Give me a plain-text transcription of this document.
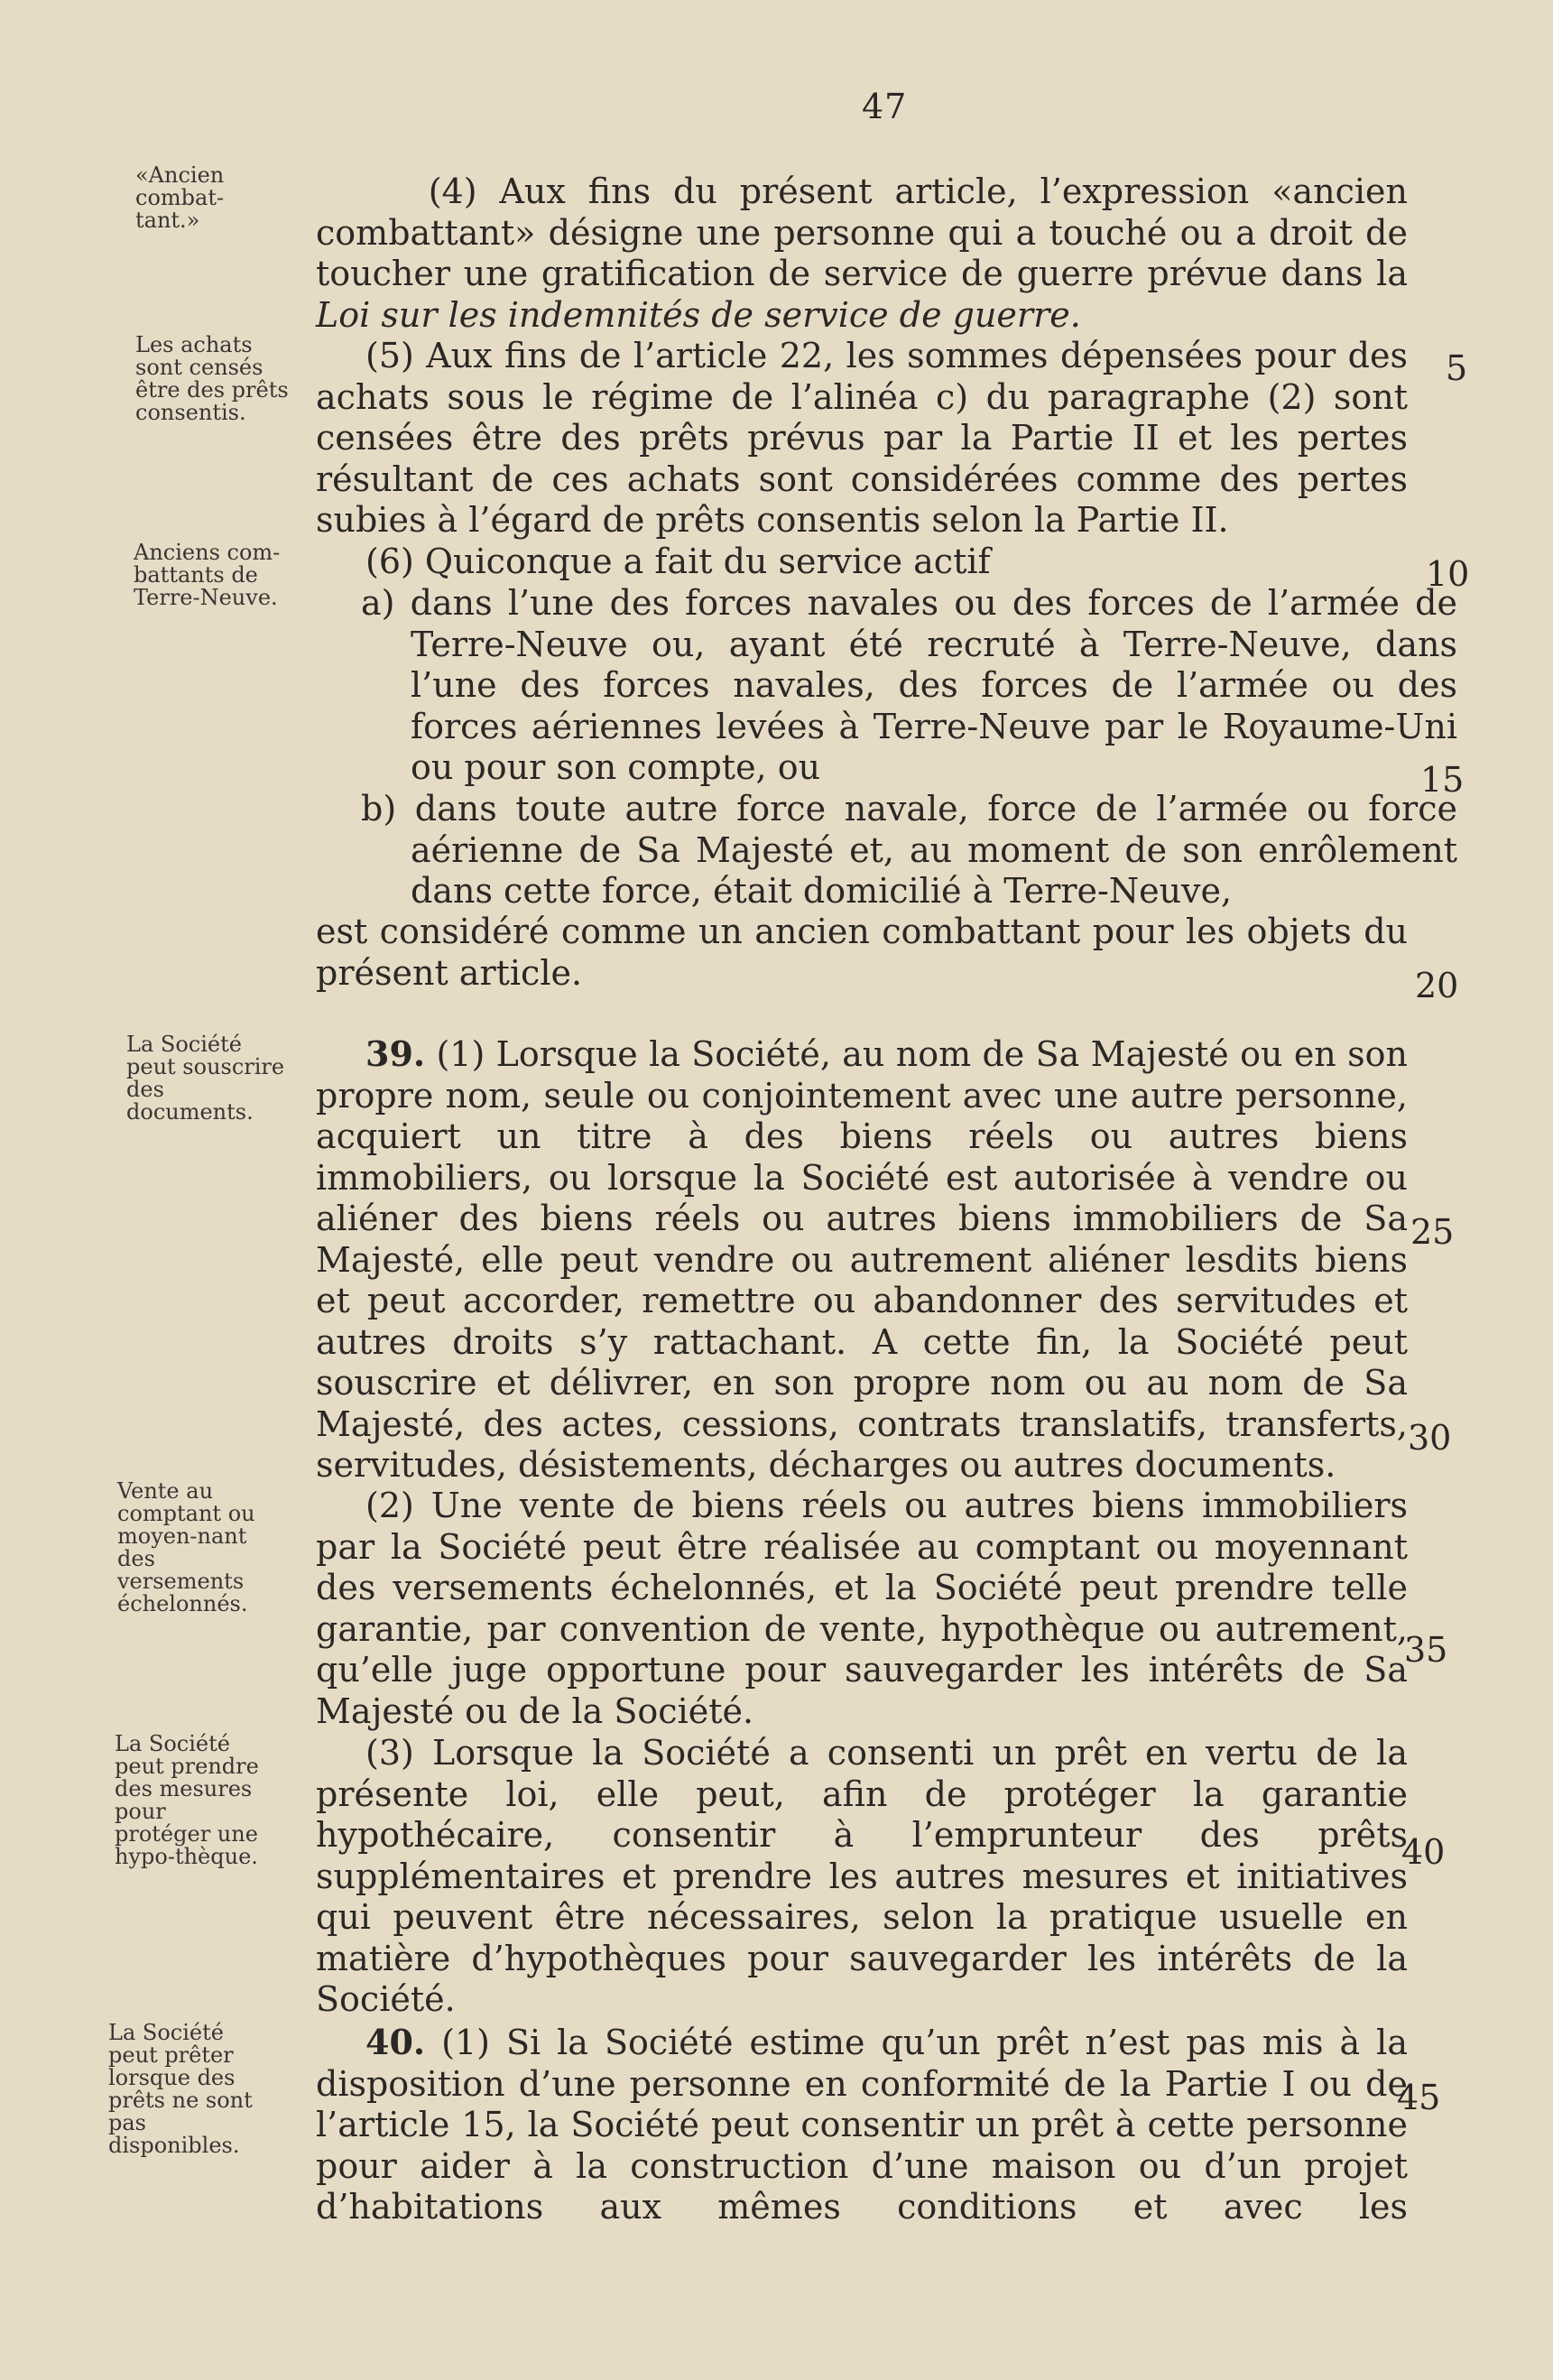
47
«Ancien combat-tant.»
Les achats sont censés être des prêts consentis.
Anciens com-battants de Terre-Neuve.
La Société peut souscrire des documents.
Vente au comptant ou moyen-nant des versements échelonnés.
La Société peut prendre des mesures pour protéger une hypo-thèque.
La Société peut prêter lorsque des prêts ne sont pas disponibles.
(4) Aux fins du présent article, l’expression «ancien combattant» désigne une personne qui a touché ou a droit de toucher une gratification de service de guerre prévue dans la Loi sur les indemnités de service de guerre.
(5) Aux fins de l’article 22, les sommes dépensées pour des achats sous le régime de l’alinéa c) du paragraphe (2) sont censées être des prêts prévus par la Partie II et les pertes résultant de ces achats sont considérées comme des pertes subies à l’égard de prêts consentis selon la Partie II.
(6) Quiconque a fait du service actif
a) dans l’une des forces navales ou des forces de l’armée de Terre-Neuve ou, ayant été recruté à Terre-Neuve, dans l’une des forces navales, des forces de l’armée ou des forces aériennes levées à Terre-Neuve par le Royaume-Uni ou pour son compte, ou
b) dans toute autre force navale, force de l’armée ou force aérienne de Sa Majesté et, au moment de son enrôlement dans cette force, était domicilié à Terre-Neuve,
est considéré comme un ancien combattant pour les objets du présent article.
39. (1) Lorsque la Société, au nom de Sa Majesté ou en son propre nom, seule ou conjointement avec une autre personne, acquiert un titre à des biens réels ou autres biens immobiliers, ou lorsque la Société est autorisée à vendre ou aliéner des biens réels ou autres biens immobiliers de Sa Majesté, elle peut vendre ou autrement aliéner lesdits biens et peut accorder, remettre ou abandonner des servitudes et autres droits s’y rattachant. A cette fin, la Société peut souscrire et délivrer, en son propre nom ou au nom de Sa Majesté, des actes, cessions, contrats translatifs, transferts, servitudes, désistements, décharges ou autres documents.
(2) Une vente de biens réels ou autres biens immobiliers par la Société peut être réalisée au comptant ou moyennant des versements échelonnés, et la Société peut prendre telle garantie, par convention de vente, hypothèque ou autrement, qu’elle juge opportune pour sauvegarder les intérêts de Sa Majesté ou de la Société.
(3) Lorsque la Société a consenti un prêt en vertu de la présente loi, elle peut, afin de protéger la garantie hypothécaire, consentir à l’emprunteur des prêts supplémentaires et prendre les autres mesures et initiatives qui peuvent être nécessaires, selon la pratique usuelle en matière d’hypothèques pour sauvegarder les intérêts de la Société.
40. (1) Si la Société estime qu’un prêt n’est pas mis à la disposition d’une personne en conformité de la Partie I ou de l’article 15, la Société peut consentir un prêt à cette personne pour aider à la construction d’une maison ou d’un projet d’habitations aux mêmes conditions et avec les
5
10
15
20
25
30
35
40
45
